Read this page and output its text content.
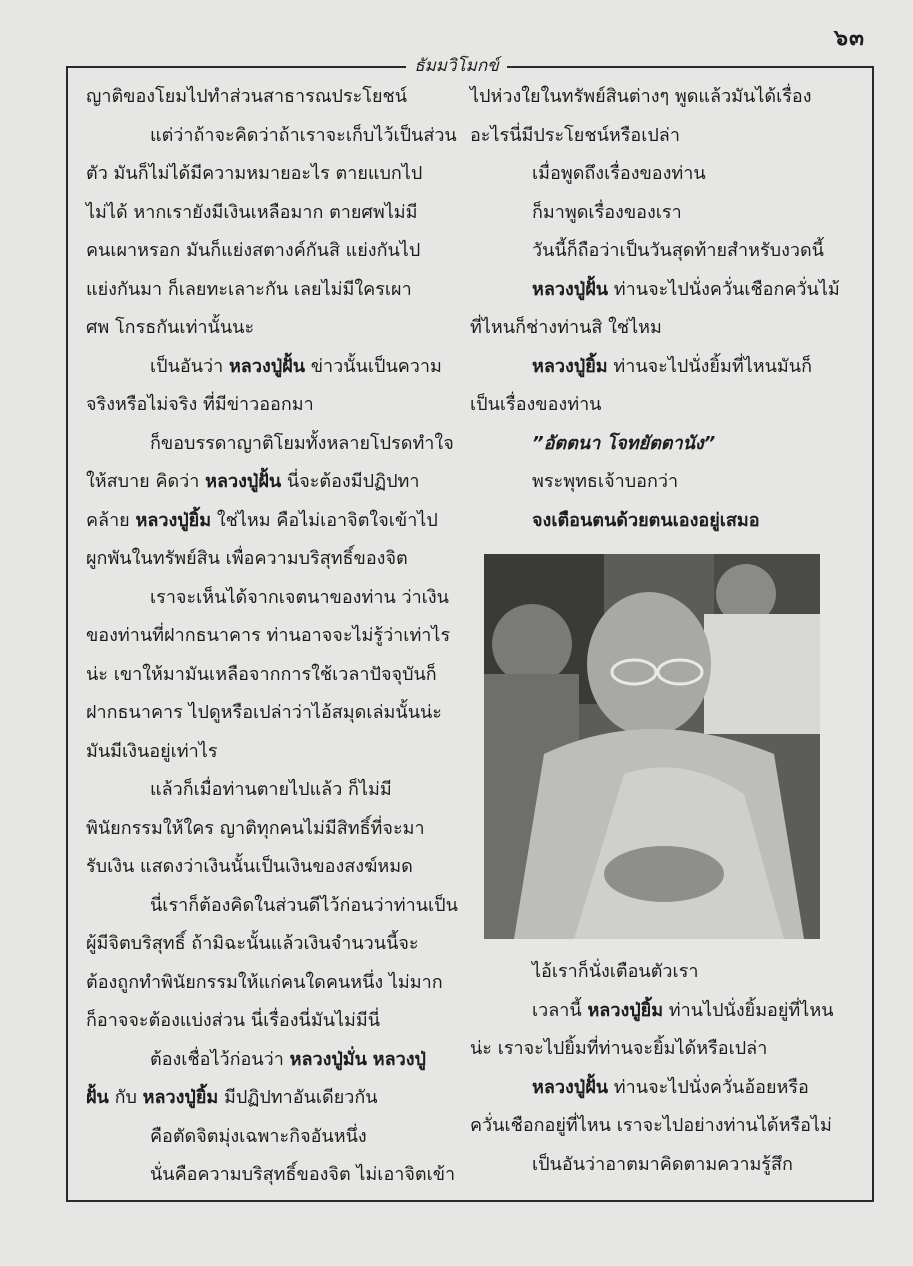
๖๓
ธัมมวิโมกข์

ญาติของโยมไปทำส่วนสาธารณประโยชน์

แต่ว่าถ้าจะคิดว่าถ้าเราจะเก็บไว้เป็นส่วน

ตัว มันก็ไม่ได้มีความหมายอะไร ตายแบกไป

ไม่ได้ หากเรายังมีเงินเหลือมาก ตายศพไม่มี

คนเผาหรอก มันก็แย่งสตางค์กันสิ แย่งกันไป

แย่งกันมา ก็เลยทะเลาะกัน เลยไม่มีใครเผา

ศพ โกรธกันเท่านั้นนะ

เป็นอันว่า หลวงปู่ฝั้น ข่าวนั้นเป็นความ

จริงหรือไม่จริง ที่มีข่าวออกมา

ก็ขอบรรดาญาติโยมทั้งหลายโปรดทำใจ

ให้สบาย คิดว่า หลวงปู่ฝั้น นี่จะต้องมีปฏิปทา

คล้าย หลวงปู่ยิ้ม ใช่ไหม คือไม่เอาจิตใจเข้าไป

ผูกพันในทรัพย์สิน เพื่อความบริสุทธิ์ของจิต

เราจะเห็นได้จากเจตนาของท่าน ว่าเงิน

ของท่านที่ฝากธนาคาร ท่านอาจจะไม่รู้ว่าเท่าไร

น่ะ เขาให้มามันเหลือจากการใช้เวลาปัจจุบันก็

ฝากธนาคาร ไปดูหรือเปล่าว่าไอ้สมุดเล่มนั้นน่ะ

มันมีเงินอยู่เท่าไร

แล้วก็เมื่อท่านตายไปแล้ว ก็ไม่มี

พินัยกรรมให้ใคร ญาติทุกคนไม่มีสิทธิ์ที่จะมา

รับเงิน แสดงว่าเงินนั้นเป็นเงินของสงฆ์หมด

นี่เราก็ต้องคิดในส่วนดีไว้ก่อนว่าท่านเป็น

ผู้มีจิตบริสุทธิ์ ถ้ามิฉะนั้นแล้วเงินจำนวนนี้จะ

ต้องถูกทำพินัยกรรมให้แก่คนใดคนหนึ่ง ไม่มาก

ก็อาจจะต้องแบ่งส่วน นี่เรื่องนี่มันไม่มีนี่

ต้องเชื่อไว้ก่อนว่า หลวงปู่มั่น หลวงปู่

ฝั้น กับ หลวงปู่ยิ้ม มีปฏิปทาอันเดียวกัน

คือตัดจิตมุ่งเฉพาะกิจอันหนึ่ง

นั่นคือความบริสุทธิ์ของจิต ไม่เอาจิตเข้า

ไปห่วงใยในทรัพย์สินต่างๆ พูดแล้วมันได้เรื่อง

อะไรนี่มีประโยชน์หรือเปล่า

เมื่อพูดถึงเรื่องของท่าน

ก็มาพูดเรื่องของเรา

วันนี้ก็ถือว่าเป็นวันสุดท้ายสำหรับงวดนี้

หลวงปู่ฝั้น ท่านจะไปนั่งควั่นเชือกควั่นไม้

ที่ไหนก็ช่างท่านสิ ใช่ไหม

หลวงปู่ยิ้ม ท่านจะไปนั่งยิ้มที่ไหนมันก็

เป็นเรื่องของท่าน

”อัตตนา โจทยัตตานัง”

พระพุทธเจ้าบอกว่า

จงเตือนตนด้วยตนเองอยู่เสมอ

ไอ้เราก็นั่งเตือนตัวเรา

เวลานี้ หลวงปู่ยิ้ม ท่านไปนั่งยิ้มอยู่ที่ไหน

น่ะ เราจะไปยิ้มที่ท่านจะยิ้มได้หรือเปล่า

หลวงปู่ฝั้น ท่านจะไปนั่งควั่นอ้อยหรือ

ควั่นเชือกอยู่ที่ไหน เราจะไปอย่างท่านได้หรือไม่

เป็นอันว่าอาตมาคิดตามความรู้สึก
